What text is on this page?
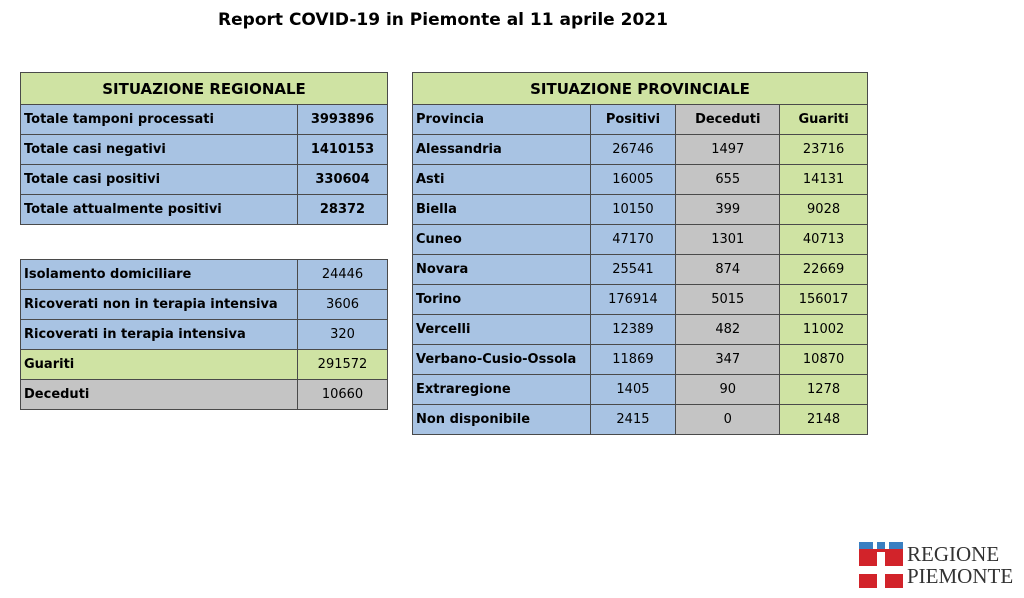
Report COVID-19 in Piemonte al 11 aprile 2021
SITUAZIONE REGIONALE	
Totale tamponi processati	3993896
Totale casi negativi	1410153
Totale casi positivi	330604
Totale attualmente positivi	28372
Isolamento domiciliare	24446
Ricoverati non in terapia intensiva	3606
Ricoverati in terapia intensiva	320
Guariti	291572
Deceduti	10660
SITUAZIONE PROVINCIALE			
Provincia	Positivi	Deceduti	Guariti
Alessandria	26746	1497	23716
Asti	16005	655	14131
Biella	10150	399	9028
Cuneo	47170	1301	40713
Novara	25541	874	22669
Torino	176914	5015	156017
Vercelli	12389	482	11002
Verbano-Cusio-Ossola	11869	347	10870
Extraregione	1405	90	1278
Non disponibile	2415	0	2148
REGIONE
PIEMONTE
